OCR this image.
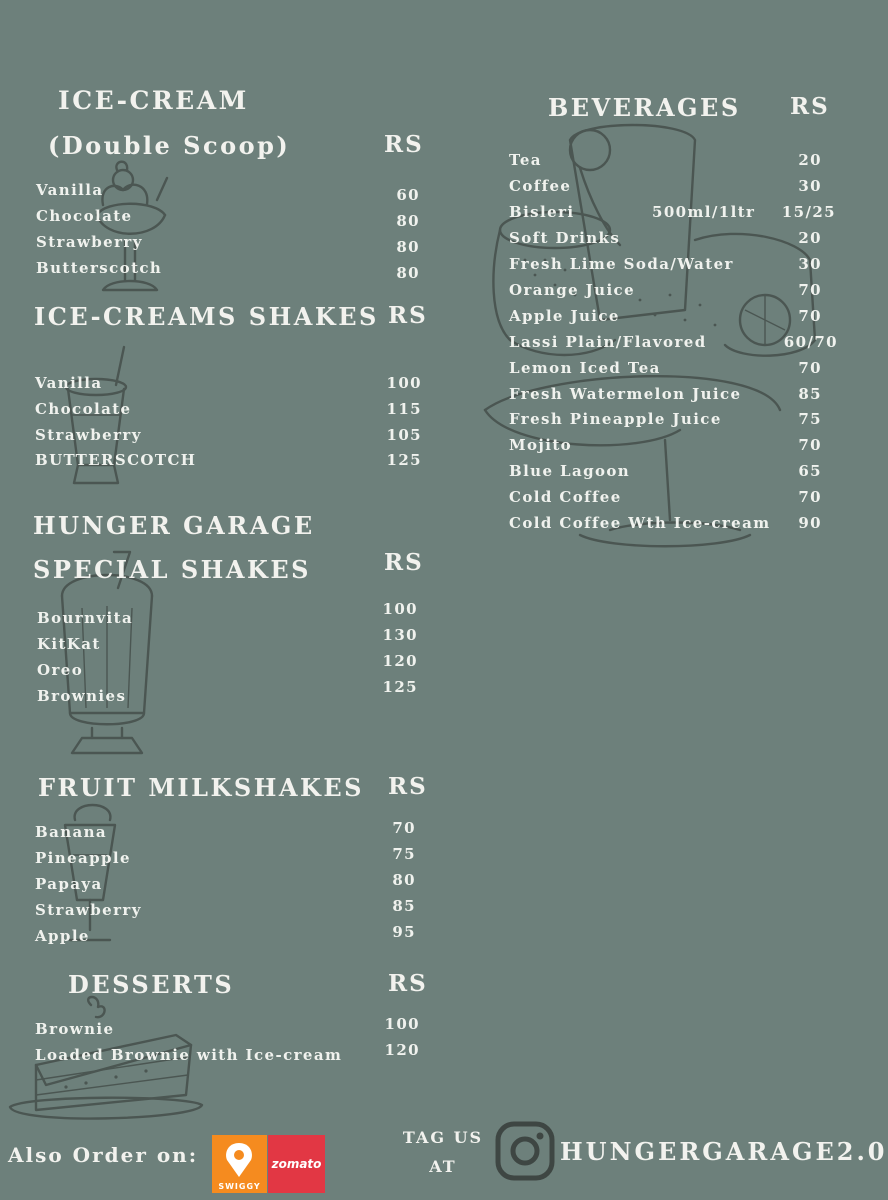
ICE-CREAM
(Double Scoop)	RS
Vanilla	60
Chocolate	80
Strawberry	80
Butterscotch	80
ICE-CREAMS SHAKES RS
Vanilla	100
Chocolate	115
Strawberry	105
BUTTERSCOTCH	125
HUNGER GARAGE
SPECIAL SHAKES	RS
Bournvita	100
KitKat	130
Oreo	120
Brownies	125
FRUIT MILKSHAKES RS
Banana	70
Pineapple	75
Papaya	80
Strawberry	85
Apple	95
DESSERTS	RS
Brownie	100
Loaded Brownie with Ice-cream	120
BEVERAGES RS
Tea	20
Coffee	30
Bisleri	500ml/1ltr	15/25
Soft Drinks	20
Fresh Lime Soda/Water	30
Orange Juice	70
Apple Juice	70
Lassi Plain/Flavored	60/70
Lemon Iced Tea	70
Fresh Watermelon Juice	85
Fresh Pineapple Juice	75
Mojito	70
Blue Lagoon	65
Cold Coffee	70
Cold Coffee Wth Ice-cream	90
Also Order on:
SWIGGY
zomato
TAG US
AT
HUNGERGARAGE2.0
